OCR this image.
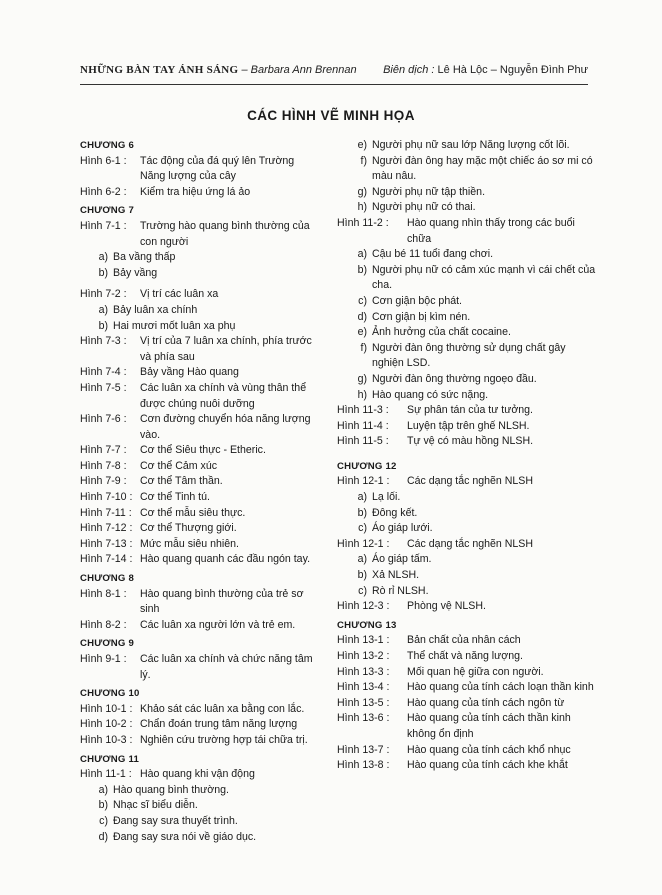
NHỮNG BÀN TAY ÁNH SÁNG – Barbara Ann Brennan Biên dịch : Lê Hà Lộc – Nguyễn Đình Phư
CÁC HÌNH VẼ MINH HỌA
CHƯƠNG 6
Hình 6-1 :	Tác động của đá quý lên Trường Năng lượng của cây
Hình 6-2 :	Kiểm tra hiệu ứng lá ảo
CHƯƠNG 7
Hình 7-1 :	Trường hào quang bình thường của con người
a) Ba vầng thấp
b) Bảy vầng
Hình 7-2 :	Vị trí các luân xa
a) Bảy luân xa chính
b) Hai mươi mốt luân xa phụ
Hình 7-3 :	Vị trí của 7 luân xa chính, phía trước và phía sau
Hình 7-4 :	Bảy vầng Hào quang
Hình 7-5 :	Các luân xa chính và vùng thân thể được chúng nuôi dưỡng
Hình 7-6 :	Cơn đường chuyển hóa năng lượng vào.
Hình 7-7 :	Cơ thể Siêu thực - Etheric.
Hình 7-8 :	Cơ thể Cảm xúc
Hình 7-9 :	Cơ thể Tâm thần.
Hình 7-10 : Cơ thể Tinh tú.
Hình 7-11 : Cơ thể mẫu siêu thực.
Hình 7-12 : Cơ thể Thượng giới.
Hình 7-13 : Mức mẫu siêu nhiên.
Hình 7-14 : Hào quang quanh các đầu ngón tay.
CHƯƠNG 8
Hình 8-1 :	Hào quang bình thường của trẻ sơ sinh
Hình 8-2 :	Các luân xa người lớn và trẻ em.
CHƯƠNG 9
Hình 9-1 :	Các luân xa chính và chức năng tâm lý.
CHƯƠNG 10
Hình 10-1 : Khảo sát các luân xa bằng con lắc.
Hình 10-2 : Chẩn đoán trung tâm năng lượng
Hình 10-3 : Nghiên cứu trường hợp tái chữa trị.
CHƯƠNG 11
Hình 11-1 : Hào quang khi vận động
a) Hào quang bình thường.
b) Nhạc sĩ biểu diễn.
c) Đang say sưa thuyết trình.
d) Đang say sưa nói về giáo dục.
e) Người phụ nữ sau lớp Năng lượng cốt lõi.
f) Người đàn ông hay mặc một chiếc áo sơ mi có màu nâu.
g) Người phụ nữ tập thiền.
h) Người phụ nữ có thai.
Hình 11-2 :	Hào quang nhìn thấy trong các buổi chữa
a) Cậu bé 11 tuổi đang chơi.
b) Người phụ nữ có cảm xúc mạnh vì cái chết của cha.
c) Cơn giận bộc phát.
d) Cơn giận bị kìm nén.
e) Ảnh hưởng của chất cocaine.
f) Người đàn ông thường sử dụng chất gây nghiện LSD.
g) Người đàn ông thường ngoẹo đầu.
h) Hào quang có sức nặng.
Hình 11-3 :	Sự phân tán của tư tưởng.
Hình 11-4 :	Luyện tập trên ghế NLSH.
Hình 11-5 :	Tự vệ có màu hồng NLSH.
CHƯƠNG 12
Hình 12-1 :	Các dạng tắc nghẽn NLSH
a) Lạ lối.
b) Đông kết.
c) Áo giáp lưới.
Hình 12-1 :	Các dạng tắc nghẽn NLSH
a) Áo giáp tấm.
b) Xả NLSH.
c) Rò rỉ NLSH.
Hình 12-3 :	Phòng vệ NLSH.
CHƯƠNG 13
Hình 13-1 :	Bản chất của nhân cách
Hình 13-2 :	Thể chất và năng lượng.
Hình 13-3 :	Mối quan hệ giữa con người.
Hình 13-4 :	Hào quang của tính cách loạn thần kinh
Hình 13-5 :	Hào quang của tính cách ngôn từ
Hình 13-6 :	Hào quang của tính cách thần kinh không ổn định
Hình 13-7 :	Hào quang của tính cách khổ nhục
Hình 13-8 :	Hào quang của tính cách khe khắt
